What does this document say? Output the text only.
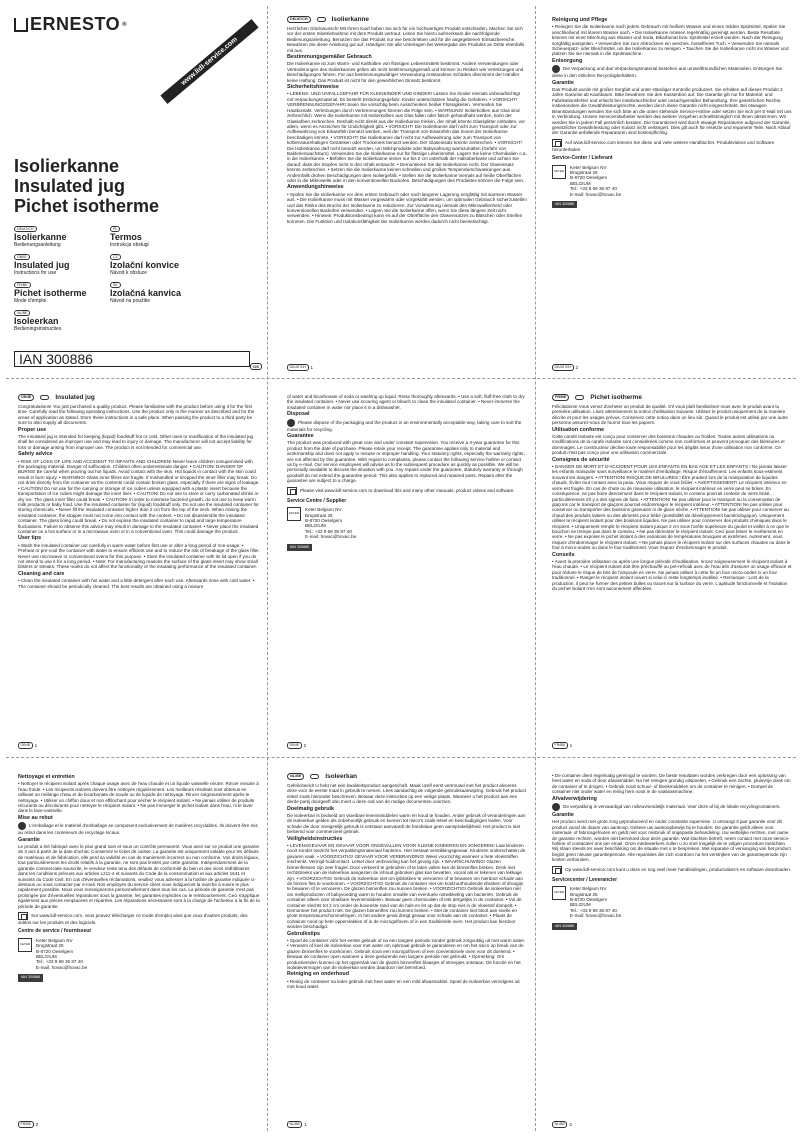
ERNESTO ®
www.lidl-service.com
Isolierkanne
Insulated jug
Pichet isotherme
DE/AT/CH
Isolierkanne
Bedienungsanleitung
GB/IE
Insulated jug
Instructions for use
FR/BE
Pichet isotherme
Mode d'emploi
NL/BE
Isoleerkan
Bedieningsinstructies
PL
Termos
Instrukcja obsługi
CZ
Izolační konvice
Návod k obsluze
SK
Izolačná kanvica
Návod na použitie
IAN 300886	OS
DE/AT/CH	Isolierkanne

Herzlichen Glückwunsch! Mit Ihrem Kauf haben Sie sich für ein hochwertiges Produkt entschieden. Machen Sie sich vor der ersten Inbetriebnahme mit dem Produkt vertraut. Lesen Sie hierzu aufmerksam die nachfolgende Bedienungsanleitung. Benutzen Sie das Produkt nur wie beschrieben und für die angegebenen Einsatzbereiche. Bewahren Sie diese Anleitung gut auf. Händigen Sie alle Unterlagen bei Weitergabe des Produkts an Dritte ebenfalls mit aus.

Bestimmungsgemäßer Gebrauch

Die Isolierkanne ist zum Warm- und Kalthalten von flüssigen Lebensmitteln bestimmt. Andere Verwendungen oder Veränderungen des Isolierkannes gelten als nicht bestimmungsgemäß und können zu Risiken wie Verletzungen und Beschädigungen führen. Für aus bestimmungswidriger Verwendung entstandene Schäden übernimmt der Händler keine Haftung. Das Produkt ist nicht für den gewerblichen Einsatz bestimmt.

Sicherheitshinweise

• LEBENS- UND UNFALLGEFAHR FÜR KLEINKINDER UND KINDER! Lassen Sie Kinder niemals unbeaufsichtigt mit Verpackungsmaterial. Es besteht Erstickungsgefahr. Kinder unterschätzen häufig die Gefahren. • VORSICHT! VERBRENNUNGSGEFAHR! Seien Sie vorsichtig beim Ausschenken heißer Flüssigkeiten. Vermeiden Sie Hautkontakt. Verletzungen durch Verbrennungen können die Folge sein. • WARNUNG! Isolierkolben aus Glas sind zerbrechlich. Wenn die Isolierkanne mit Isolierkolben aus Glas fallen oder falsch gehandhabt werden, kann der Glaskolben zerbrechen. Deshalb nicht direkt aus der Isolierkanne trinken, der Inhalt könnte Glassplitter enthalten, vor allem, wenn es Anzeichen für Undichtigkeit gibt. • VORSICHT! Die Isolierkanne darf nicht zum Transport oder zur Aufbewahrung von Eiswürfeln benutzt werden, weil der Transport von Eiswürfeln das Innere der Isolierkanne beschädigen könnte. • VORSICHT! Die Isolierkanne darf nicht zur Aufbewahrung oder zum Transport von kohlensäurehaltigen Getränken oder Trockeneis benutzt werden. Der Glaseinsatz könnte zerbrechen. • VORSICHT! Die Isolierkanne darf nicht benutzt werden, um Milchprodukte oder Babynahrung warmzuhalten (Gefahr von Bakterienwachstum). Verwenden Sie die Isolierkanne nur für flüssige Lebensmittel. Lagern Sie keine Chemikalien o.ä. in die Isolierkanne. • Befüllen Sie die Isolierkanne immer nur bis 2 cm unterhalb der Halsoberkante und achten Sie darauf, dass der Stopfen nicht in den Inhalt eintaucht. • Demontieren Sie die Isolierkanne nicht. Der Glaseinsatz könnte zerbrechen. • Setzen Sie die Isolierkanne keinen schnellen und großen Temperaturschwankungen aus. Andernfalls drohen Beschädigungen dem Isoliergefäß. • Stellen Sie die Isolierkanne niemals auf heiße Oberflächen oder in die Mikrowelle oder in den konventionellen Backofen. Beschädigungen des Produktes können die Folge sein.

Anwendungshinweise

• Spülen Sie die Isolierkanne vor dem ersten Gebrauch oder nach längerer Lagerung sorgfältig mit warmem Wasser aus. • Die Isolierkanne muss mit Wasser vorgewärmt oder vorgekühlt werden, um optimalen Gebrauch sicherzustellen und das Risiko des Bruchs der Isolierkanne zu reduzieren. Zur Vorwärmung niemals den Mikrowellenherd oder konventionellen Backofen verwenden. • Lagern Sie die Isolierkanne offen, wenn Sie diese längere Zeit nicht verwenden. • Hinweis: Produktionsbedingt kann es auf der Oberfläche des Glaseinsatzes zu Bläschen oder Streifen kommen. Die Funktion und Isolationsfähigkeit der Isolierkanne werden dadurch nicht beeinträchtigt.

DE/AT/CH 1
Reinigung und Pflege

• Reinigen Sie die Isolierkanne nach jedem Gebrauch mit heißem Wasser und einem milden Spülmittel. Spülen Sie anschließend mit klarem Wasser nach. • Die Isolierkanne müssen regelmäßig gereinigt werden. Beste Resultate können mit einer Mischung aus Wasser und Soda, Bikarbonat bzw. Spülmittel erzielt werden. Nach der Reinigung sorgfältig ausspülen. • Verwenden Sie zum Abtrocknen ein weiches, fusselfreies Tuch. • Verwenden Sie niemals Scheuerputz- oder Bleichmittel, um die Isolierkanne zu reinigen. • Tauchen Sie die Isolierkanne nicht ins Wasser und platzen Sie sie niemals in die Spülmaschine.

Entsorgung

Die Verpackung und das Verpackungsmaterial bestehen aus umweltfreundlichen Materialien. Entsorgen Sie diese in den örtlichen Recyclingbehältern.

Garantie

Das Produkt wurde mit großer Sorgfalt und unter ständiger Kontrolle produziert. Sie erhalten auf dieses Produkt 3 Jahre Garantie ab Kaufdatum. Bitte bewahren Sie den Kassenbon auf. Die Garantie gilt nur für Material- und Fabrikationsfehler und erlischt bei missbräuchlicher oder unsachgemäßer Behandlung. Ihre gesetzlichen Rechte, insbesondere die Gewährleistungsrechte, werden durch diese Garantie nicht eingeschränkt. Bei etwaigen Beanstandungen wenden Sie sich bitte an die unten stehende Service-Hotline oder setzen Sie sich per E-Mail mit uns in Verbindung. Unsere Servicemitarbeiter werden das weitere Vorgehen schnellstmöglich mit Ihnen abstimmen. Wir werden Sie in jedem Fall persönlich beraten. Die Garantiezeit wird durch etwaige Reparaturen aufgrund der Garantie, gesetzlicher Gewährleistung oder Kulanz nicht verlängert. Dies gilt auch für ersetzte und reparierte Teile. Nach Ablauf der Garantie anfallende Reparaturen sind kostenpflichtig.

Auf www.lidl-service.com können Sie diese und viele weitere Handbücher, Produktvideos und Software herunterladen.

Service-Center / Lieferant
KETER
Keter Belgium NV
Brugstraat 25
B-8720 Oeselgem
BELGIUM
Tel.: +33 9 69 36 87 40
E-mail: hovac@hovac.be
IAN 300886
DE/AT/CH 2
GB/IE	Insulated jug

Congratulations! You just purchased a quality product. Please familiarise with the product before using it for the first time. Carefully read the following operating instructions. Use the product only in the manner as described and for the areas of application as stated. Store these instructions in a safe place. When passing the product to a third party be sure to also supply all documents.

Proper use

The insulated jug is intended for keeping (liquid) foodstuff hot or cold. Other uses or modification of the insulated jug shall be considered as improper use and may lead to injury or damage. The manufacturer will not accept liability for loss or damage arising from improper use. The product is not intended for commercial use.

Safety advice

• RISK OF LOSS OF LIFE AND ACCIDENT TO INFANTS AND CHILDREN! Never leave children unsupervised with the packaging material. Danger of suffocation. Children often underestimate danger. • CAUTION! DANGER OF BURNS! Be careful when pouring out hot liquids. Avoid contact with the skin. Hot liquids in contact with the skin could result in burn injury. • WARNING! Glass inner fillers are fragile. If mishandled or dropped the inner filler may break. Do not drink directly from the container as the contents could contain broken glass, especially if there are signs of leakage. • CAUTION! Do not use for the carrying or storage of ice cubes unless equipped with a plastic insert because the transportation of ice cubes might damage the inner liner. • CAUTION! Do not use to store or carry carbonated drinks or dry ice. The glass inner filler could break. • CAUTION! In order to minimise bacterial growth, do not use to keep warm milk products or baby food. Use the insulated container for (liquid) foodstuff only. Do not use the insulated container for storing chemicals. • Never fill the insulated container higher than 2 cm from the top of the neck. When closing the insulated container, the stopper must not come into contact with the content. • Do not disassemble the insulated container. The glass lining could break. • Do not expose the insulated container to rapid and large temperature fluctuations. Failure to observe this advice may result in damage to the insulated container. • Never place the insulated container on a hot surface or in a microwave oven or in a conventional oven. This could damage the product.

User tips

• Wash the insulated container out carefully in warm water before first use or after a long period of non-usage. • Preheat or pre-cool the container with water to ensure efficient use and to reduce the risk of breakage of the glass filler. Never use microwave or conventional ovens for this purpose. • Store the insulated container with its lid open if you do not intend to use it for a long period. • Note: For manufacturing reasons the surface of the glass insert may show small blisters or streaks. These marks do not affect the functionality or the insulating performance of the insulated container.

Cleaning and care

• Clean the insulated container with hot water and a little detergent after each use. Afterwards rinse with cold water. • The container should be periodically cleaned. The best results are obtained using a mixture

GB/IE 1

of water and bicarbonate of soda or washing up liquid. Rinse thoroughly afterwards. • Use a soft, fluff-free cloth to dry the insulated container. • Never use scouring agent or bleach to clean the insulated container. • Never immerse the insulated container in water nor place it in a dishwasher.

Disposal

Please dispose of the packaging and the product in an environmentally acceptable way, taking care to sort the materials for recycling.

Guarantee

The product was produced with great care and under constant supervision. You receive a 3-year guarantee for this product from the date of purchase. Please retain your receipt. The guarantee applies only to material and workmanship and does not apply to misuse or improper handling. Your statutory rights, especially the warranty rights, are not affected by this guarantee. With regard to complaints, please contact the following service hotline or contact us by e-mail. Our service employees will advise as to the subsequent procedure as quickly as possible. We will be personally available to discuss the situation with you. Any repairs under the guarantee, statutory warranty or through goodwill do not extend the guarantee period. This also applies to replaced and repaired parts. Repairs after the guarantee are subject to a charge.

Please visit www.lidl-service.com to download this and many other manuals, product videos and software.

Service Centre / Supplier
KETER
Keter Belgium NV
Brugstraat 25
B-8720 Oeselgem
BELGIUM
Tel.: +33 9 69 36 87 40
E-mail: hovac@hovac.be
IAN 300886
GB/IE 2
FR/BE	Pichet isotherme

Félicitations! Vous venez d'acheter un produit de qualité. S'il vous plaît familiarisez-vous avec le produit avant la première utilisation. Lisez attentivement la notice d'utilisation suivante. Utilisez le produit uniquement de la manière décrite et pour les usages prévus. Conservez cette notice dans un lieu sûr. Quand le produit est utilisé par une autre personne assurez-vous de fournir tous les papiers.

Utilisation conforme

Cette carafe isolante est conçu pour conserver des boissons chaudes ou froides. Toutes autres utilisations ou modifications de la carafe isolante sont considérées comme non conformes et peuvent provoquer des blessures et dommages. Le constructeur décline toute responsabilité pour les dégâts issus d'une utilisation non conforme. Ce produit n'est pas conçu pour une utilisation commerciale.

Consignes de sécurité

• DANGER DE MORT ET D'ACCIDENT POUR LES ENFANTS EN BAS AGE ET LES ENFANTS ! Ne jamais laisser les enfants manipuler sans surveillance le matériel d'emballage. Risque d'étouffement. Les enfants sous-estiment souvent les dangers. • ATTENTION! RISQUE DE BRULURES ! Être prudent lors de la manipulation de liquides chauds. Éviter tout contact avec la peau. Vous risquez de vous brûler. • AVERTISSEMENT! Le récipient intérieur en verre est fragile. En cas de chute ou de mauvaise utilisation, le récipient intérieur en verre peut se briser. En conséquence, ne pas boire directement dans le récipient isolant, le contenu pourrait contenir du verre brisé, particulièrement s'il y a des signes de fuite. • ATTENTION! Ne pas utiliser pour le transport ou la conservation de glaçons car le transport de glaçons pourrait endommager le récipient intérieur. • ATTENTION! Ne pas utiliser pour conserver ou transporter des boissons gazeuses ni de glace sèche. • ATTENTION! Ne pas utiliser pour conserver au chaud des produits laitiers ou des aliments pour bébé (possibilité de développement bactériologique). Uniquement utiliser le récipient isolant pour des boissons liquides. Ne pas utiliser pour conserver des produits chimiques dans le récipient. • Uniquement remplir le récipient isolant jusque 2 cm sous l'arête supérieure du goulot et veiller à ce que le bouchon ne trempe pas dans le contenu. • Ne pas démonter le récipient isolant. Ceci peut briser le revêtement en verre. • Ne pas exposer le pichet isolant à des variations de températures brusques et extrêmes. Autrement, vous risquez d'endommager le récipient isolant. • Ne jamais placer le récipient isolant sur des surfaces chaudes ou dans le four à micro-ondes ou dans le four traditionnel. Vous risquez d'endommager le produit.

Conseils

• Avant la première utilisation ou après une longue période d'inutilisation, rincez soigneusement le récipient isolant à l'eau chaude. • Le récipient isolant doit être préchauffé ou pré-refroidi avec de l'eau afin d'assurer un usage efficace et pour réduire le risque de bris de l'ampoule en verre. Ne jamais utiliser à cette fin un four micro-ondes ni un four traditionnel. • Ranger le récipient isolant ouvert si celui-ci reste longtemps inutilisé. • Remarque : Lors de la production, il peut se former des petites bulles ou traces sur la surface du verre. L'aptitude fonctionnelle et l'isolation du pichet isolant n'en sont aucunement affectées.

FR/BE 1
Nettoyage et entretien

• Nettoyer le récipient isolant après chaque usage avec de l'eau chaude et un liquide vaisselle neutre. Rincer ensuite à l'eau froide. • Les récipients isolants doivent être nettoyés régulièrement. Les meilleurs résultats sont obtenus en utilisant un mélange d'eau et de bicarbonate de soude ou de liquide de nettoyage. Rincer soigneusement après le nettoyage. • Utiliser un chiffon doux et non effilochant pour sécher le récipient isolant. • Ne jamais utiliser de produits récurants ou décolorants pour nettoyer le récipient isolant. • Ne pas immerger le pichet isolant dans l'eau, ni le laver dans le lave-vaisselle.

Mise au rebut

L'emballage et le matériel d'emballage se composent exclusivement de matières recyclables. Ils doivent être mis au rebut dans les conteneurs de recyclage locaux.

Garantie

Le produit a été fabriqué avec le plus grand soin et sous un contrôle permanent. Vous avez sur ce produit une garantie de 3 ans à partir de la date d'achat. Conservez le ticket de caisse. La garantie est uniquement valable pour les défauts de matériaux et de fabrication, elle perd sa validité en cas de maniement incorrect ou non conforme. Vos droits légaux, tout particulièrement les droits relatifs à la garantie, ne sont pas limités par cette garantie. Indépendamment de la garantie commerciale souscrite, le vendeur reste tenu des défauts de conformité du bien et des vices rédhibitoires dans les conditions prévues aux articles L211-4 et suivants du Code de la consommation et aux articles 1641 et suivants du Code Civil. En cas d'éventuelles réclamations, veuillez vous adresser à la hotline de garantie indiquée ci-dessous ou nous contacter par e-mail. Nos employés du service client vous indiqueront la marche à suivre le plus rapidement possible. Nous vous renseignerons personnellement dans tous les cas. La période de garantie n'est pas prolongée par d'éventuelles réparations sous la garantie, les garanties implicites ou le remboursement. Ceci s'applique également aux pièces remplacées et réparées. Les réparations nécessaires sont à la charge de l'acheteur à la fin de la période de garantie.

Sur www.lidl-service.com, vous pouvez télécharger ce mode d'emploi ainsi que ceux d'autres produits, des vidéos sur les produits et des logiciels.

Centre de service / fournisseur
KETER
Keter Belgium NV
Brugstraat 25
B-8720 Oeselgem
BELGIUM
Tel.: +33 9 69 36 87 40
E-mail: hovac@hovac.be
IAN 300886
FR/BE 2
NL/BE	Isoleerkan

Gefeliciteerd! U hebt net een kwaliteitsproduct aangeschaft. Maak uzelf eerst vertrouwd met het product alvorens deze voor de eerste maal in gebruik te nemen. Lees aandachtig de volgende gebruiksaanwijzing. Gebruik het product enkel zoals hieronder beschreven. Bewaar deze instructies op een veilige plaats. Wanneer u het product aan een derde partij doorgeeft dan moet u deze ook van de nodige documenten voorzien.

Doelmatig gebruik

De isoleerkan is bedoeld om vloeibare levensmiddelen warm en koud te houden. Ander gebruik of veranderingen aan de isoleerkan gelden als onbehoorlijk gebruik en kunnen tot risico's zoals letsel en beschadigingen leiden. Voor schade die door oneigenlijk gebruik is ontstaan aanvaardt de handelaar geen aansprakelijkheid. Het product is niet bestemd voor commercieel gebruik.

Veiligheidsinstructies

• LEVENSGEVAAR EN GEVAAR VOOR ONGEVALLEN VOOR KLEINE KINDEREN EN JONGEREN! Laat kinderen nooit zonder toezicht het verpakkingsmateriaal hanteren. Hier bestaat verstikkingsgevaar. Kinderen onderschatten de gevaren vaak. • VOORZICHTIG! GEVAAR VOOR VERBRANDING! Wees voorzichtig wanneer u hete vloeistoffen inschenkt. Vermijd huidcontact. Letsel door verbranding kan het gevolg zijn. • WAARSCHUWING! Glazen binnenflessen zijn zeer fragiel. Door verkeerd te gebruiken of te laten vallen kan de binnenfles breken. Drink niet rechtstreeks van de isoleerkan aangezien de inhoud gebroken glas kan bevatten, vooral als er tekenen van lekkage zijn. • VOORZICHTIG! Gebruik de isoleerkan niet om ijsblokken te vervoeren of te bewaren om hierdoor schade aan de binnen fles te voorkomen. • VOORZICHTIG! Gebruik de container niet om koolzuurhoudende dranken of droogijs te bewaren of te vervoeren. De glazen binnenfles zou kunnen breken. • VOORZICHTIG! Gebruik de isoleerkan niet om melkproducten of babyvoeding warm te houden omwille van eventuele ontwikkeling van bacteriën. Gebruik de container alleen voor vloeibare levensmiddelen. Bewaar geen chemicaliën of iets dergelijks in de container. • Vul de container slechts tot 2 cm onder de bovenste rand van de hals en let op dat de stop niet in de vloeistof dompelt. • Demonteer het product niet. De glazen binnenfles zou kunnen breken. • Stel de container niet bloot aan snelle en grote temperatuurschommelingen. In het andere geval dreigt gevaar voor schade aan de container. • Plaats de container nooit op hete oppervlakken of in de microgolfoven of in een traditionele oven. Het product kan hierdoor worden beschadigd.

Gebruikstips

• Spoel de container vóór het eerste gebruik of na een langere periode zonder gebruik zorgvuldig uit met warm water. • Verwarm of koel de isoleerkan voor met water om optimaal gebruik te garanderen en om het risico op breuk van de glazen binnenfles te voorkomen. Gebruik nooit een microgolfoven of een conventionele oven voor dit doeleind. • Bewaar de container open wanneer u deze gedurende een langere periode niet gebruikt. • Opmerking: Om productiereden kunnen op het oppervlak van de glazen binnenfles blaasjes of streepjes ontstaan. De functie en het isolatievermogen van de isoleerkan worden daardoor niet beïnvloed.

Reiniging en onderhoud

• Reinig de container na ieder gebruik met heet water en een mild afwasmiddel. Spoel de isoleerkan vervolgens uit met koud water.

NL/BE 1

• De container dient regelmatig gereinigd te worden. De beste resultaten worden verkregen door een oplossing van heet water en soda of door afwasmiddel. Na het reinigen grondig uitspoelen. • Gebruik een zachte, pluisvrije doek om de container af te drogen. • Gebruik nooit schuur- of bleekmiddelen om de container te reinigen. • Dompel de container niet onder water en reinig hem nooit in de vaatwasmachine.

Afvalverwijdering

De verpakking is vervaardigd van milieuvriendelijk materiaal. Voer deze af bij de lokale recyclingcontainers.

Garantie

Het product werd met grote zorg geproduceerd en onder constante supervisie. U ontvangt 3 jaar garantie voor dit product vanaf de datum van aankoop. Gelieve uw aankoopbewijs bij te houden. De garantie geldt alleen voor materiaal- of fabricagefouten en geldt niet voor misbruik of ongepaste behandeling. Uw wettelijke rechten, met name de garantie rechten, worden niet beïnvloed door deze garantie. Wat klachten betreft, neem contact met onze service-hotline of contacteer ons per email. Onze medewerkers zullen u zo snel mogelijk de te volgen procedure toelichten. Wij staan steeds ter uwer beschikking om de situatie met u te bespreken. Met reparatie of vervanging van het product begint geen nieuwe garantieperiode. Alle reparaties die zich voordoen na het verstrijken van de garantieperiode zijn kosten verbonden.

Op www.lidl-service.com kunt u deze en nog veel meer handleidingen, productvideo's en software downloaden.

Servicecenter / Leverancier
KETER
Keter Belgium NV
Brugstraat 25
B-8720 Oeselgem
BELGIUM
Tel.: +33 9 69 36 87 40
E-mail: hovac@hovac.be
IAN 300886
NL/BE 2
